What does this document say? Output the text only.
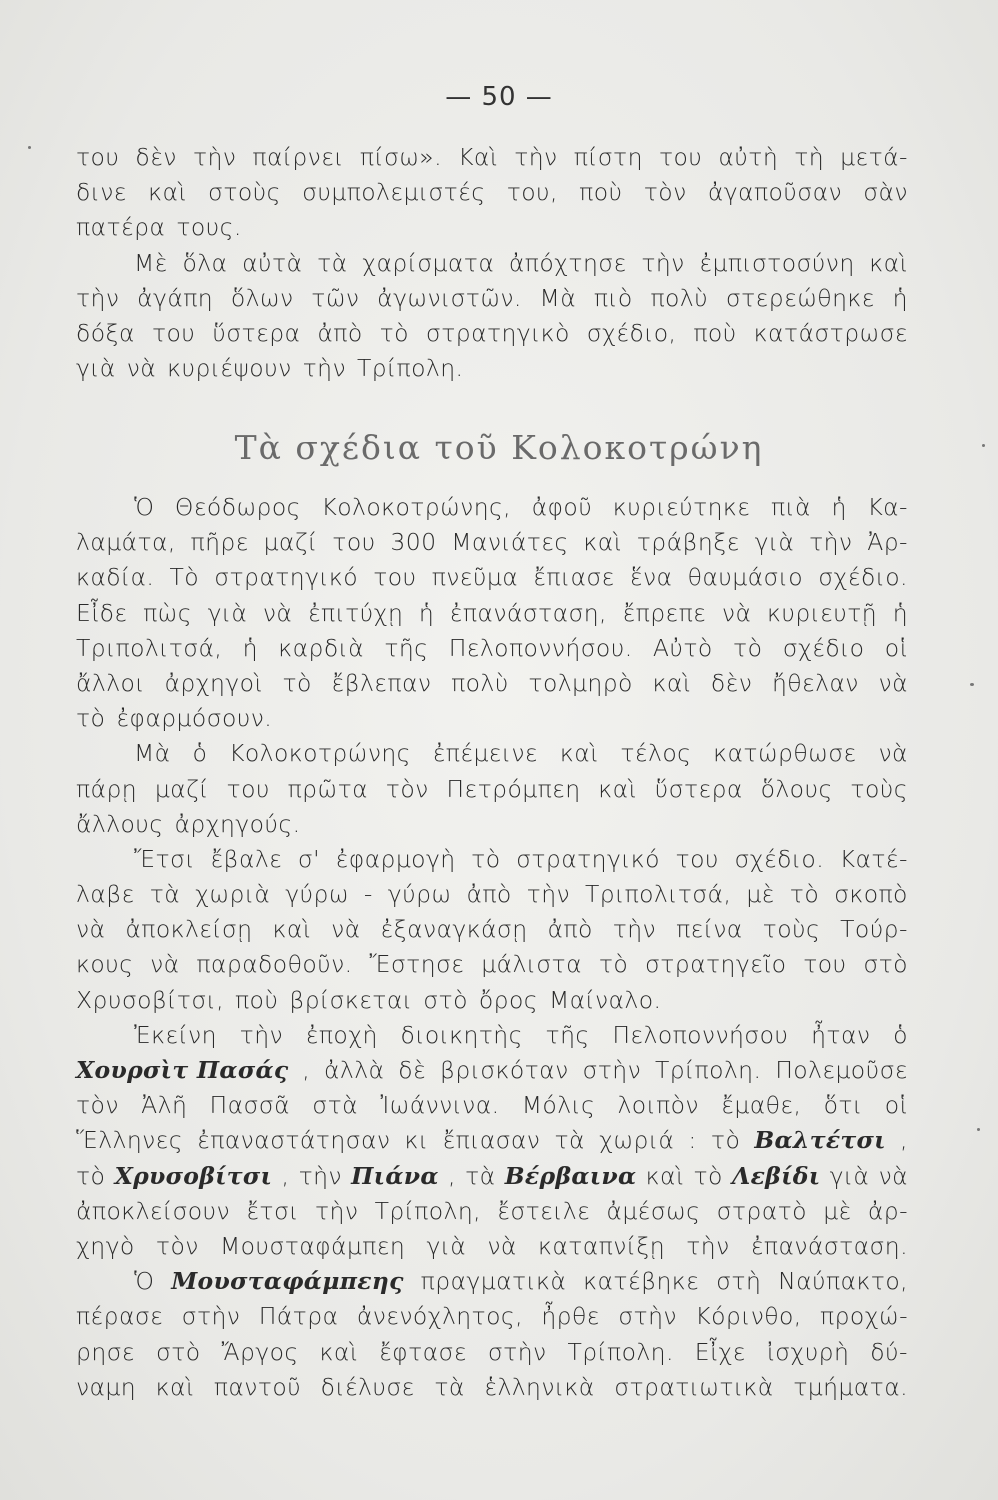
— 50 —
του δὲν τὴν παίρνει πίσω». Καὶ τὴν πίστη του αὐτὴ τὴ μετά-
δινε καὶ στοὺς συμπολεμιστές του, ποὺ τὸν ἀγαποῦσαν σὰν
πατέρα τους.
Μὲ ὅλα αὐτὰ τὰ χαρίσματα ἀπόχτησε τὴν ἐμπιστοσύνη καὶ
τὴν ἀγάπη ὅλων τῶν ἀγωνιστῶν. Μὰ πιὸ πολὺ στερεώθηκε ἡ
δόξα του ὕστερα ἀπὸ τὸ στρατηγικὸ σχέδιο, ποὺ κατάστρωσε
γιὰ νὰ κυριέψουν τὴν Τρίπολη.
Τὰ σχέδια τοῦ Κολοκοτρώνη
Ὁ Θεόδωρος Κολοκοτρώνης, ἀφοῦ κυριεύτηκε πιὰ ἡ Κα-
λαμάτα, πῆρε μαζί του 300 Μανιάτες καὶ τράβηξε γιὰ τὴν Ἀρ-
καδία. Τὸ στρατηγικό του πνεῦμα ἔπιασε ἕνα θαυμάσιο σχέδιο.
Εἶδε πὼς γιὰ νὰ ἐπιτύχῃ ἡ ἐπανάσταση, ἔπρεπε νὰ κυριευτῇ ἡ
Τριπολιτσά, ἡ καρδιὰ τῆς Πελοποννήσου. Αὐτὸ τὸ σχέδιο οἱ
ἄλλοι ἀρχηγοὶ τὸ ἔβλεπαν πολὺ τολμηρὸ καὶ δὲν ἤθελαν νὰ
τὸ ἐφαρμόσουν.
Μὰ ὁ Κολοκοτρώνης ἐπέμεινε καὶ τέλος κατώρθωσε νὰ
πάρῃ μαζί του πρῶτα τὸν Πετρόμπεη καὶ ὕστερα ὅλους τοὺς
ἄλλους ἀρχηγούς.
Ἔτσι ἔβαλε σ' ἐφαρμογὴ τὸ στρατηγικό του σχέδιο. Κατέ-
λαβε τὰ χωριὰ γύρω - γύρω ἀπὸ τὴν Τριπολιτσά, μὲ τὸ σκοπὸ
νὰ ἀποκλείσῃ καὶ νὰ ἐξαναγκάσῃ ἀπὸ τὴν πείνα τοὺς Τούρ-
κους νὰ παραδοθοῦν. Ἔστησε μάλιστα τὸ στρατηγεῖο του στὸ
Χρυσοβίτσι, ποὺ βρίσκεται στὸ ὄρος Μαίναλο.
Ἐκείνη τὴν ἐποχὴ διοικητὴς τῆς Πελοποννήσου ἦταν ὁ
Χουρσὶτ Πασάς , ἀλλὰ δὲ βρισκόταν στὴν Τρίπολη. Πολεμοῦσε
τὸν Ἀλῆ Πασσᾶ στὰ Ἰωάννινα. Μόλις λοιπὸν ἔμαθε, ὅτι οἱ
Ἕλληνες ἐπαναστάτησαν κι ἔπιασαν τὰ χωριά : τὸ Βαλτέτσι ,
τὸ Χρυσοβίτσι , τὴν Πιάνα , τὰ Βέρβαινα καὶ τὸ Λεβίδι γιὰ νὰ
ἀποκλείσουν ἔτσι τὴν Τρίπολη, ἔστειλε ἀμέσως στρατὸ μὲ ἀρ-
χηγὸ τὸν Μουσταφάμπεη γιὰ νὰ καταπνίξῃ τὴν ἐπανάσταση.
Ὁ Μουσταφάμπεης πραγματικὰ κατέβηκε στὴ Ναύπακτο,
πέρασε στὴν Πάτρα ἀνενόχλητος, ἦρθε στὴν Κόρινθο, προχώ-
ρησε στὸ Ἄργος καὶ ἔφτασε στὴν Τρίπολη. Εἶχε ἰσχυρὴ δύ-
ναμη καὶ παντοῦ διέλυσε τὰ ἑλληνικὰ στρατιωτικὰ τμήματα.
